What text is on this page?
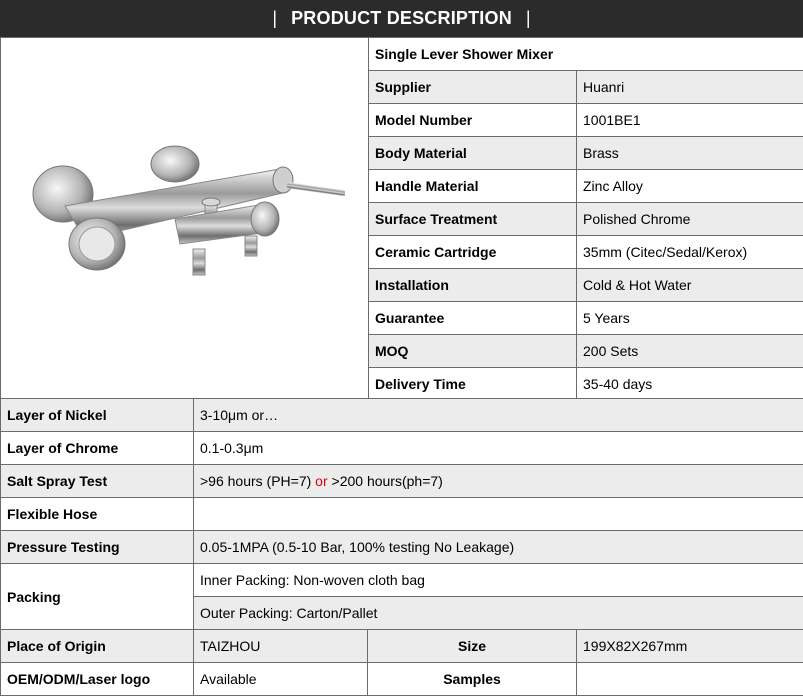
| PRODUCT DESCRIPTION |
	Single Lever Shower Mixer	
	Supplier	Huanri
	Model Number	1001BE1
	Body Material	Brass
	Handle Material	Zinc Alloy
	Surface Treatment	Polished Chrome
	Ceramic Cartridge	35mm (Citec/Sedal/Kerox)
	Installation	Cold & Hot Water
	Guarantee	5 Years
	MOQ	200 Sets
	Delivery Time	35-40 days
Layer of Nickel	3-10μm or…		
Layer of Chrome	0.1-0.3μm		
Salt Spray Test	>96 hours (PH=7) or >200 hours(ph=7)		
Flexible Hose			
Pressure Testing	0.05-1MPA (0.5-10 Bar, 100% testing No Leakage)		
Packing	Inner Packing: Non-woven cloth bag		
	Outer Packing: Carton/Pallet		
Place of Origin	TAIZHOU	Size	199X82X267mm
OEM/ODM/Laser logo	Available	Samples	
